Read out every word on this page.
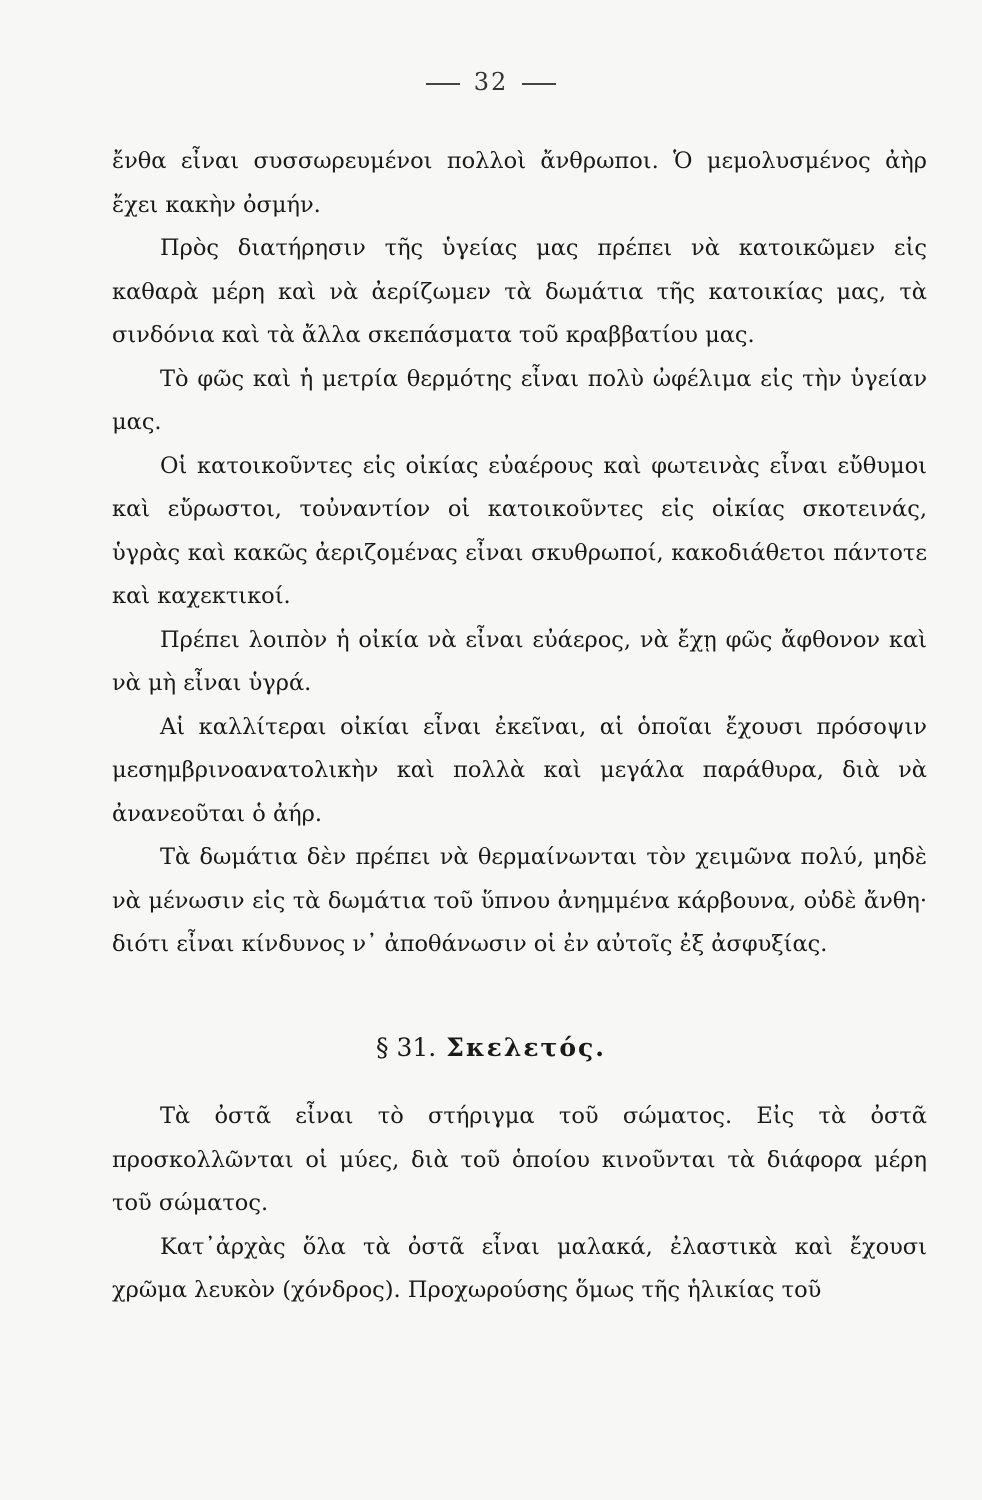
32

ἔνθα εἶναι συσσωρευμένοι πολλοὶ ἄνθρωποι. Ὁ μεμολυσμένος ἀὴρ ἔχει κακὴν ὀσμήν.

Πρὸς διατήρησιν τῆς ὑγείας μας πρέπει νὰ κατοικῶμεν εἰς καθαρὰ μέρη καὶ νὰ ἀερίζωμεν τὰ δωμάτια τῆς κατοικίας μας, τὰ σινδόνια καὶ τὰ ἄλλα σκεπάσματα τοῦ κραββατίου μας.

Τὸ φῶς καὶ ἡ μετρία θερμότης εἶναι πολὺ ὠφέλιμα εἰς τὴν ὑγείαν μας.

Οἱ κατοικοῦντες εἰς οἰκίας εὐαέρους καὶ φωτεινὰς εἶναι εὔθυμοι καὶ εὔρωστοι, τοὐναντίον οἱ κατοικοῦντες εἰς οἰκίας σκοτεινάς, ὑγρὰς καὶ κακῶς ἀεριζομένας εἶναι σκυθρωποί, κακοδιάθετοι πάντοτε καὶ καχεκτικοί.

Πρέπει λοιπὸν ἡ οἰκία νὰ εἶναι εὐάερος, νὰ ἔχῃ φῶς ἄφθονον καὶ νὰ μὴ εἶναι ὑγρά.

Αἱ καλλίτεραι οἰκίαι εἶναι ἐκεῖναι, αἱ ὁποῖαι ἔχουσι πρόσοψιν μεσημβρινοανατολικὴν καὶ πολλὰ καὶ μεγάλα παράθυρα, διὰ νὰ ἀνανεοῦται ὁ ἀήρ.

Τὰ δωμάτια δὲν πρέπει νὰ θερμαίνωνται τὸν χειμῶνα πολύ, μηδὲ νὰ μένωσιν εἰς τὰ δωμάτια τοῦ ὕπνου ἀνημμένα κάρβουνα, οὐδὲ ἄνθη· διότι εἶναι κίνδυνος ν᾿ ἀποθάνωσιν οἱ ἐν αὐτοῖς ἐξ ἀσφυξίας.

§ 31. Σκελετός.

Τὰ ὀστᾶ εἶναι τὸ στήριγμα τοῦ σώματος. Εἰς τὰ ὀστᾶ προσκολλῶνται οἱ μύες, διὰ τοῦ ὁποίου κινοῦνται τὰ διάφορα μέρη τοῦ σώματος.

Κατ᾿ἀρχὰς ὅλα τὰ ὀστᾶ εἶναι μαλακά, ἐλαστικὰ καὶ ἔχουσι χρῶμα λευκὸν (χόνδρος). Προχωρούσης ὅμως τῆς ἡλικίας τοῦ
